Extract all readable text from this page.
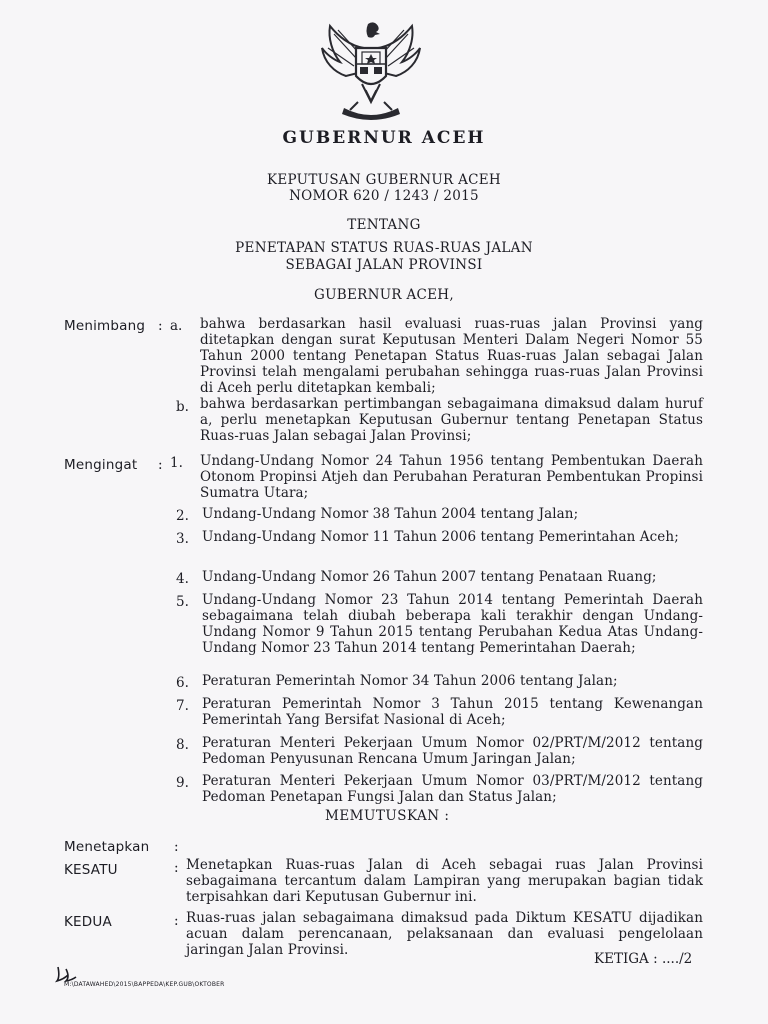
GUBERNUR ACEH
KEPUTUSAN GUBERNUR ACEH
NOMOR 620 / 1243 / 2015
TENTANG
PENETAPAN STATUS RUAS-RUAS JALAN
SEBAGAI JALAN PROVINSI
GUBERNUR ACEH,
Menimbang : a. bahwa berdasarkan hasil evaluasi ruas-ruas jalan Provinsi yang ditetapkan dengan surat Keputusan Menteri Dalam Negeri Nomor 55 Tahun 2000 tentang Penetapan Status Ruas-ruas Jalan sebagai Jalan Provinsi telah mengalami perubahan sehingga ruas-ruas Jalan Provinsi di Aceh perlu ditetapkan kembali;
b. bahwa berdasarkan pertimbangan sebagaimana dimaksud dalam huruf a, perlu menetapkan Keputusan Gubernur tentang Penetapan Status Ruas-ruas Jalan sebagai Jalan Provinsi;
Mengingat : 1. Undang-Undang Nomor 24 Tahun 1956 tentang Pembentukan Daerah Otonom Propinsi Atjeh dan Perubahan Peraturan Pembentukan Propinsi Sumatra Utara;
2. Undang-Undang Nomor 38 Tahun 2004 tentang Jalan;
3. Undang-Undang Nomor 11 Tahun 2006 tentang Pemerintahan Aceh;
4. Undang-Undang Nomor 26 Tahun 2007 tentang Penataan Ruang;
5. Undang-Undang Nomor 23 Tahun 2014 tentang Pemerintah Daerah sebagaimana telah diubah beberapa kali terakhir dengan Undang-Undang Nomor 9 Tahun 2015 tentang Perubahan Kedua Atas Undang-Undang Nomor 23 Tahun 2014 tentang Pemerintahan Daerah;
6. Peraturan Pemerintah Nomor 34 Tahun 2006 tentang Jalan;
7. Peraturan Pemerintah Nomor 3 Tahun 2015 tentang Kewenangan Pemerintah Yang Bersifat Nasional di Aceh;
8. Peraturan Menteri Pekerjaan Umum Nomor 02/PRT/M/2012 tentang Pedoman Penyusunan Rencana Umum Jaringan Jalan;
9. Peraturan Menteri Pekerjaan Umum Nomor 03/PRT/M/2012 tentang Pedoman Penetapan Fungsi Jalan dan Status Jalan;
MEMUTUSKAN :
Menetapkan :
KESATU	: Menetapkan Ruas-ruas Jalan di Aceh sebagai ruas Jalan Provinsi sebagaimana tercantum dalam Lampiran yang merupakan bagian tidak terpisahkan dari Keputusan Gubernur ini.
KEDUA	: Ruas-ruas jalan sebagaimana dimaksud pada Diktum KESATU dijadikan acuan dalam perencanaan, pelaksanaan dan evaluasi pengelolaan jaringan Jalan Provinsi.
KETIGA : ..../2
M:\DATAWAHED\2015\BAPPEDA\KEP.GUB\OKTOBER
